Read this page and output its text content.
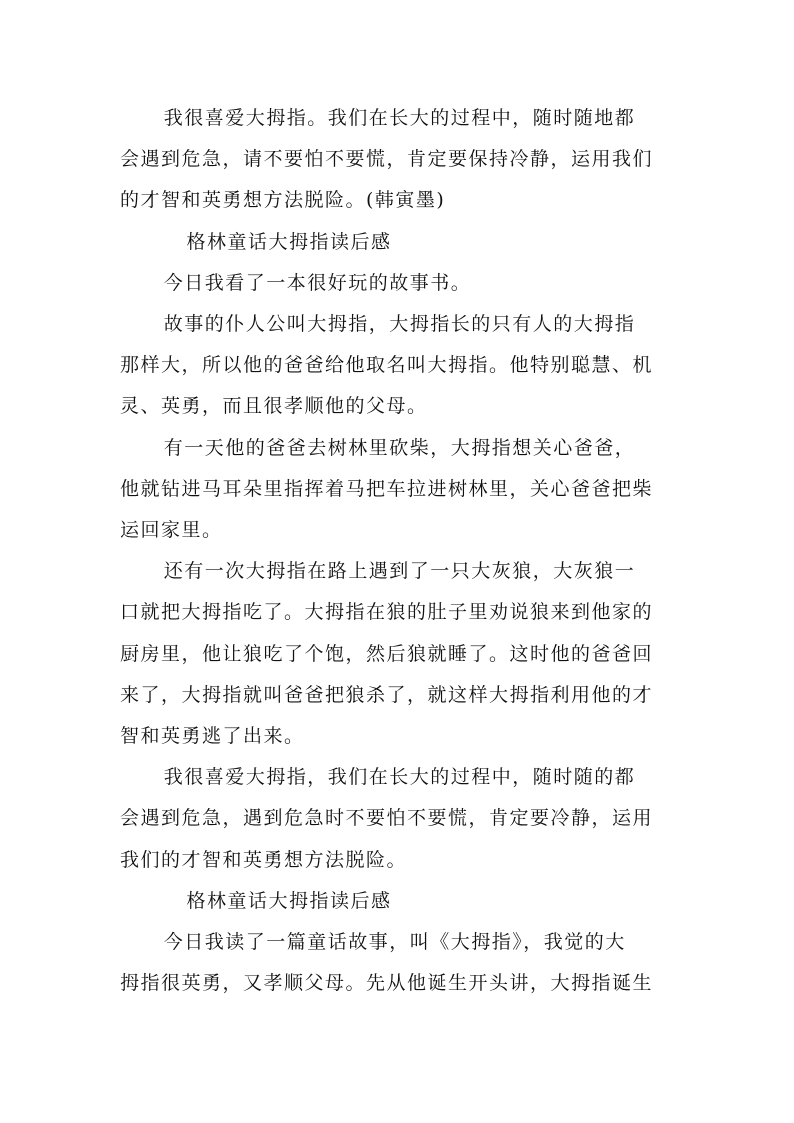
我很喜爱大拇指。我们在长大的过程中，随时随地都
会遇到危急，请不要怕不要慌，肯定要保持冷静，运用我们
的才智和英勇想方法脱险。(韩寅墨)

格林童话大拇指读后感

今日我看了一本很好玩的故事书。

故事的仆人公叫大拇指，大拇指长的只有人的大拇指
那样大，所以他的爸爸给他取名叫大拇指。他特别聪慧、机
灵、英勇，而且很孝顺他的父母。

有一天他的爸爸去树林里砍柴，大拇指想关心爸爸，
他就钻进马耳朵里指挥着马把车拉进树林里，关心爸爸把柴
运回家里。

还有一次大拇指在路上遇到了一只大灰狼，大灰狼一
口就把大拇指吃了。大拇指在狼的肚子里劝说狼来到他家的
厨房里，他让狼吃了个饱，然后狼就睡了。这时他的爸爸回
来了，大拇指就叫爸爸把狼杀了，就这样大拇指利用他的才
智和英勇逃了出来。

我很喜爱大拇指，我们在长大的过程中，随时随的都
会遇到危急，遇到危急时不要怕不要慌，肯定要冷静，运用
我们的才智和英勇想方法脱险。

格林童话大拇指读后感

今日我读了一篇童话故事，叫《大拇指》，我觉的大
拇指很英勇，又孝顺父母。先从他诞生开头讲，大拇指诞生
